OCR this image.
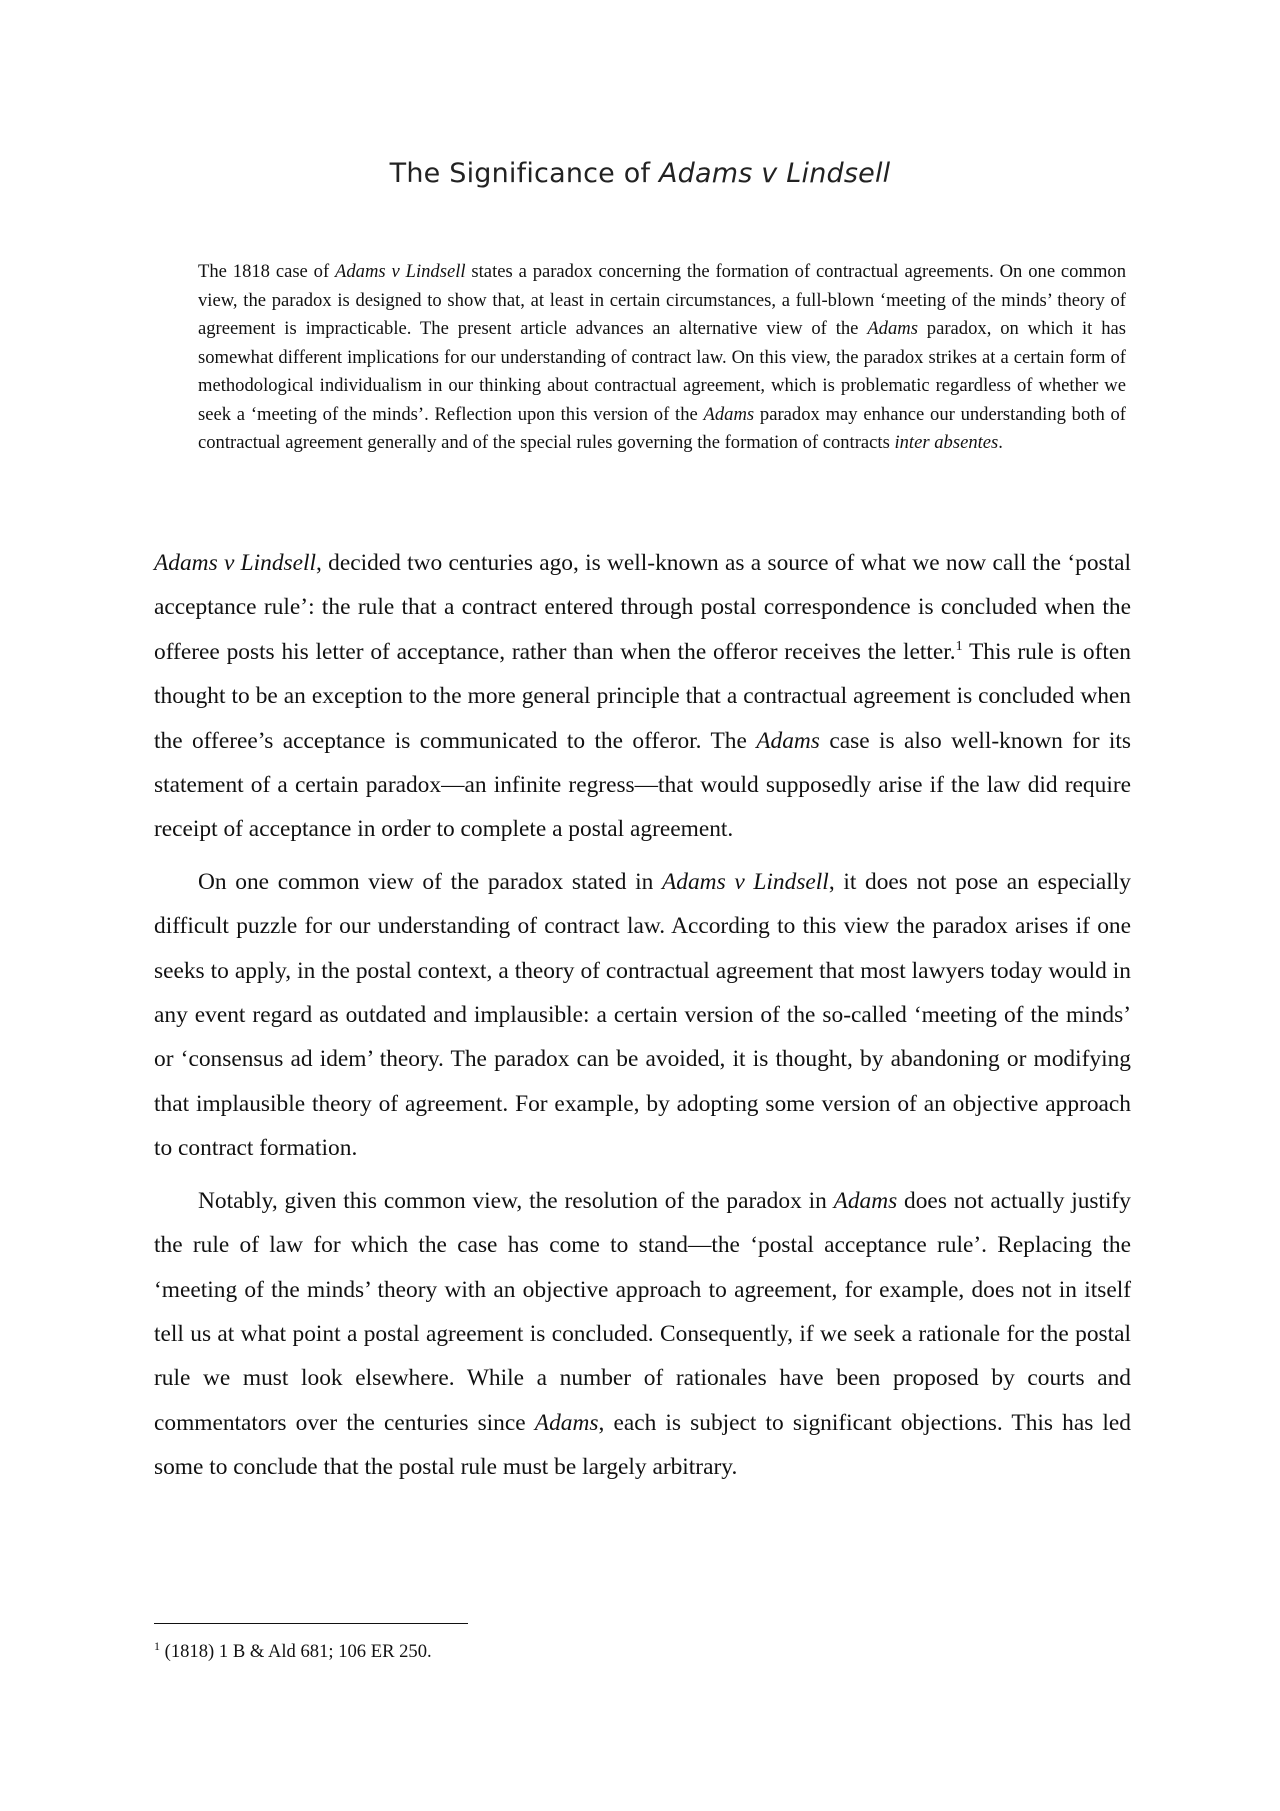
The Significance of Adams v Lindsell

The 1818 case of Adams v Lindsell states a paradox concerning the formation of contractual agreements. On one common view, the paradox is designed to show that, at least in certain circumstances, a full-blown ‘meeting of the minds’ theory of agreement is impracticable. The present article advances an alternative view of the Adams paradox, on which it has somewhat different implications for our understanding of contract law. On this view, the paradox strikes at a certain form of methodological individualism in our thinking about contractual agreement, which is problematic regardless of whether we seek a ‘meeting of the minds’. Reflection upon this version of the Adams paradox may enhance our understanding both of contractual agreement generally and of the special rules governing the formation of contracts inter absentes.

Adams v Lindsell, decided two centuries ago, is well-known as a source of what we now call the ‘postal acceptance rule’: the rule that a contract entered through postal correspondence is concluded when the offeree posts his letter of acceptance, rather than when the offeror receives the letter.$^1$ This rule is often thought to be an exception to the more general principle that a contractual agreement is concluded when the offeree’s acceptance is communicated to the offeror. The Adams case is also well-known for its statement of a certain paradox—an infinite regress—that would supposedly arise if the law did require receipt of acceptance in order to complete a postal agreement.

On one common view of the paradox stated in Adams v Lindsell, it does not pose an especially difficult puzzle for our understanding of contract law. According to this view the paradox arises if one seeks to apply, in the postal context, a theory of contractual agreement that most lawyers today would in any event regard as outdated and implausible: a certain version of the so-called ‘meeting of the minds’ or ‘consensus ad idem’ theory. The paradox can be avoided, it is thought, by abandoning or modifying that implausible theory of agreement. For example, by adopting some version of an objective approach to contract formation.

Notably, given this common view, the resolution of the paradox in Adams does not actually justify the rule of law for which the case has come to stand—the ‘postal acceptance rule’. Replacing the ‘meeting of the minds’ theory with an objective approach to agreement, for example, does not in itself tell us at what point a postal agreement is concluded. Consequently, if we seek a rationale for the postal rule we must look elsewhere. While a number of rationales have been proposed by courts and commentators over the centuries since Adams, each is subject to significant objections. This has led some to conclude that the postal rule must be largely arbitrary.

$^1$ (1818) 1 B & Ald 681; 106 ER 250.
